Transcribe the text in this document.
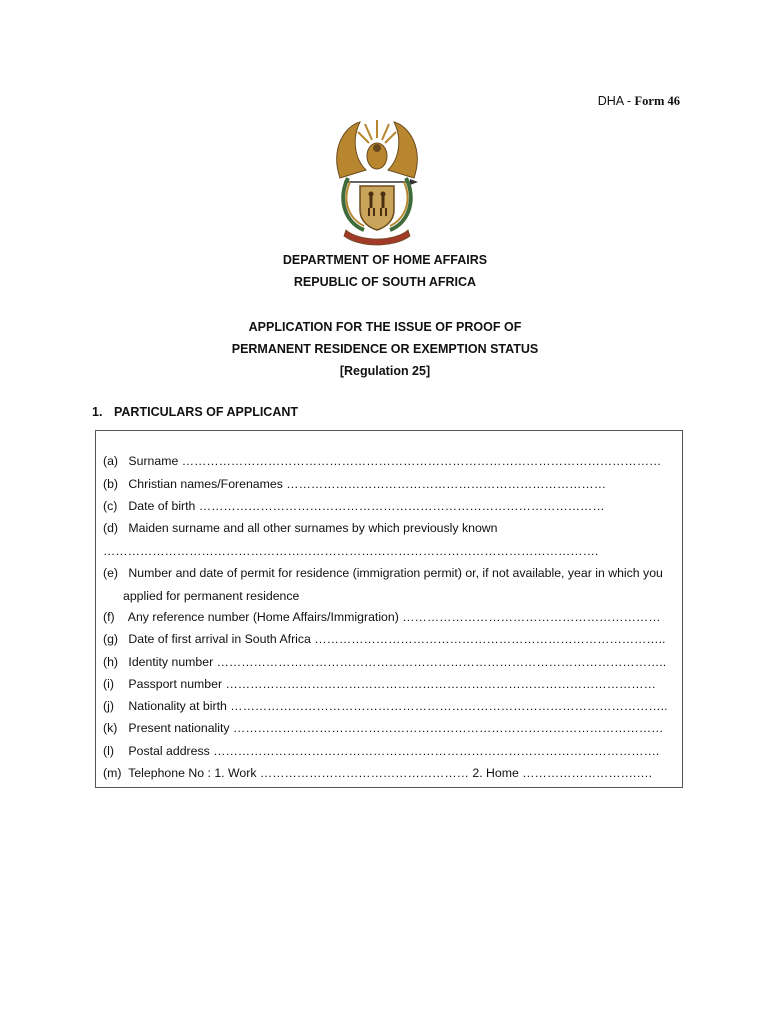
DHA - Form 46
DEPARTMENT OF HOME AFFAIRS
REPUBLIC OF SOUTH AFRICA
APPLICATION FOR THE ISSUE OF PROOF OF
PERMANENT RESIDENCE OR EXEMPTION STATUS
[Regulation 25]
1. PARTICULARS OF APPLICANT
(a) Surname ………………………………………………………………………………………………………
(b) Christian names/Forenames ……………………………………………………………………
(c) Date of birth ………………………………………………………………………………………
(d) Maiden surname and all other surnames by which previously known
………………………………………………………………………………………………………….
(e) Number and date of permit for residence (immigration permit) or, if not available, year in which you
applied for permanent residence
(f) Any reference number (Home Affairs/Immigration) ………………………………………………………
(g) Date of first arrival in South Africa …………………………………………………………………………..
(h) Identity number ………………………………………………………………………………………………..
(i) Passport number ……………………………………………………………………………………………
(j) Nationality at birth ……………………………………………………………………………………………..
(k) Present nationality ……………………………………………………………………………………………
(l) Postal address ……………………………………………………………………………………………….
(m) Telephone No : 1. Work …………………………………………… 2. Home ……………………….….
